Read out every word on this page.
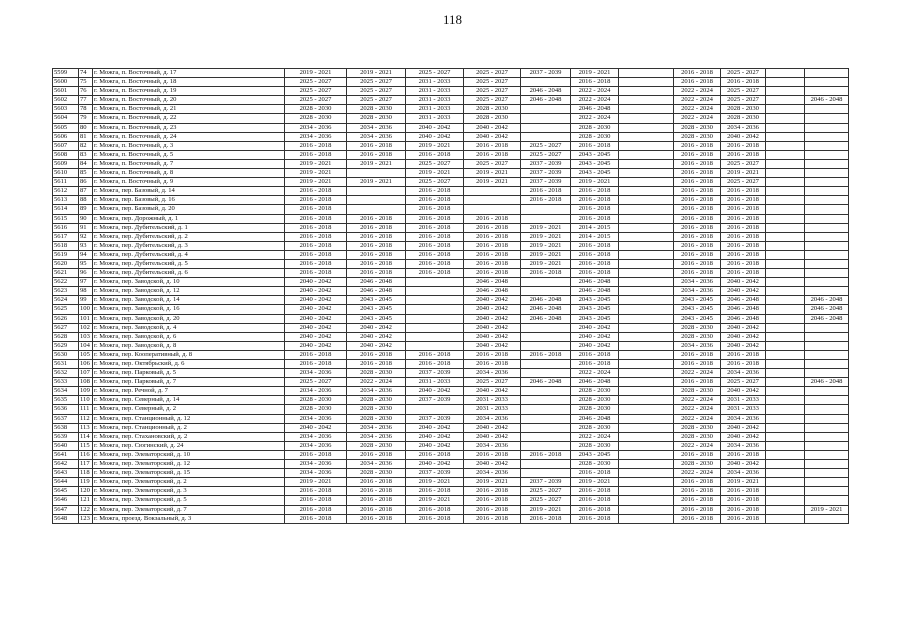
118
5599	74	г. Можга, п. Восточный, д. 17	2019 - 2021	2019 - 2021	2025 - 2027	2025 - 2027	2037 - 2039	2019 - 2021		2016 - 2018	2025 - 2027		
5600	75	г. Можга, п. Восточный, д. 18	2025 - 2027	2025 - 2027	2031 - 2033	2025 - 2027		2016 - 2018		2016 - 2018	2016 - 2018		
5601	76	г. Можга, п. Восточный, д. 19	2025 - 2027	2025 - 2027	2031 - 2033	2025 - 2027	2046 - 2048	2022 - 2024		2022 - 2024	2025 - 2027		
5602	77	г. Можга, п. Восточный, д. 20	2025 - 2027	2025 - 2027	2031 - 2033	2025 - 2027	2046 - 2048	2022 - 2024		2022 - 2024	2025 - 2027		2046 - 2048
5603	78	г. Можга, п. Восточный, д. 21	2028 - 2030	2028 - 2030	2031 - 2033	2028 - 2030		2046 - 2048		2022 - 2024	2028 - 2030		
5604	79	г. Можга, п. Восточный, д. 22	2028 - 2030	2028 - 2030	2031 - 2033	2028 - 2030		2022 - 2024		2022 - 2024	2028 - 2030		
5605	80	г. Можга, п. Восточный, д. 23	2034 - 2036	2034 - 2036	2040 - 2042	2040 - 2042		2028 - 2030		2028 - 2030	2034 - 2036		
5606	81	г. Можга, п. Восточный, д. 24	2034 - 2036	2034 - 2036	2040 - 2042	2040 - 2042		2028 - 2030		2028 - 2030	2040 - 2042		
5607	82	г. Можга, п. Восточный, д. 3	2016 - 2018	2016 - 2018	2019 - 2021	2016 - 2018	2025 - 2027	2016 - 2018		2016 - 2018	2016 - 2018		
5608	83	г. Можга, п. Восточный, д. 5	2016 - 2018	2016 - 2018	2016 - 2018	2016 - 2018	2025 - 2027	2043 - 2045		2016 - 2018	2016 - 2018		
5609	84	г. Можга, п. Восточный, д. 7	2019 - 2021	2019 - 2021	2025 - 2027	2025 - 2027	2037 - 2039	2043 - 2045		2016 - 2018	2025 - 2027		
5610	85	г. Можга, п. Восточный, д. 8	2019 - 2021		2019 - 2021	2019 - 2021	2037 - 2039	2043 - 2045		2016 - 2018	2019 - 2021		
5611	86	г. Можга, п. Восточный, д. 9	2019 - 2021	2019 - 2021	2025 - 2027	2019 - 2021	2037 - 2039	2019 - 2021		2016 - 2018	2025 - 2027		
5612	87	г. Можга, пер. Базовый, д. 14	2016 - 2018		2016 - 2018		2016 - 2018	2016 - 2018		2016 - 2018	2016 - 2018		
5613	88	г. Можга, пер. Базовый, д. 16	2016 - 2018		2016 - 2018		2016 - 2018	2016 - 2018		2016 - 2018	2016 - 2018		
5614	89	г. Можга, пер. Базовый, д. 20	2016 - 2018		2016 - 2018			2016 - 2018		2016 - 2018	2016 - 2018		
5615	90	г. Можга, пер. Дорожный, д. 1	2016 - 2018	2016 - 2018	2016 - 2018	2016 - 2018		2016 - 2018		2016 - 2018	2016 - 2018		
5616	91	г. Можга, пер. Дубительский, д. 1	2016 - 2018	2016 - 2018	2016 - 2018	2016 - 2018	2019 - 2021	2014 - 2015		2016 - 2018	2016 - 2018		
5617	92	г. Можга, пер. Дубительский, д. 2	2016 - 2018	2016 - 2018	2016 - 2018	2016 - 2018	2019 - 2021	2014 - 2015		2016 - 2018	2016 - 2018		
5618	93	г. Можга, пер. Дубительский, д. 3	2016 - 2018	2016 - 2018	2016 - 2018	2016 - 2018	2019 - 2021	2016 - 2018		2016 - 2018	2016 - 2018		
5619	94	г. Можга, пер. Дубительский, д. 4	2016 - 2018	2016 - 2018	2016 - 2018	2016 - 2018	2019 - 2021	2016 - 2018		2016 - 2018	2016 - 2018		
5620	95	г. Можга, пер. Дубительский, д. 5	2016 - 2018	2016 - 2018	2016 - 2018	2016 - 2018	2019 - 2021	2016 - 2018		2016 - 2018	2016 - 2018		
5621	96	г. Можга, пер. Дубительский, д. 6	2016 - 2018	2016 - 2018	2016 - 2018	2016 - 2018	2016 - 2018	2016 - 2018		2016 - 2018	2016 - 2018		
5622	97	г. Можга, пер. Заводской, д. 10	2040 - 2042	2046 - 2048		2046 - 2048		2046 - 2048		2034 - 2036	2040 - 2042		
5623	98	г. Можга, пер. Заводской, д. 12	2040 - 2042	2046 - 2048		2046 - 2048		2046 - 2048		2034 - 2036	2040 - 2042		
5624	99	г. Можга, пер. Заводской, д. 14	2040 - 2042	2043 - 2045		2040 - 2042	2046 - 2048	2043 - 2045		2043 - 2045	2046 - 2048		2046 - 2048
5625	100	г. Можга, пер. Заводской, д. 16	2040 - 2042	2043 - 2045		2040 - 2042	2046 - 2048	2043 - 2045		2043 - 2045	2046 - 2048		2046 - 2048
5626	101	г. Можга, пер. Заводской, д. 20	2040 - 2042	2043 - 2045		2040 - 2042	2046 - 2048	2043 - 2045		2043 - 2045	2046 - 2048		2046 - 2048
5627	102	г. Можга, пер. Заводской, д. 4	2040 - 2042	2040 - 2042		2040 - 2042		2040 - 2042		2028 - 2030	2040 - 2042		
5628	103	г. Можга, пер. Заводской, д. 6	2040 - 2042	2040 - 2042		2040 - 2042		2040 - 2042		2028 - 2030	2040 - 2042		
5629	104	г. Можга, пер. Заводской, д. 8	2040 - 2042	2040 - 2042		2040 - 2042		2040 - 2042		2034 - 2036	2040 - 2042		
5630	105	г. Можга, пер. Кооперативный, д. 8	2016 - 2018	2016 - 2018	2016 - 2018	2016 - 2018	2016 - 2018	2016 - 2018		2016 - 2018	2016 - 2018		
5631	106	г. Можга, пер. Октябрьский, д. 6	2016 - 2018	2016 - 2018	2016 - 2018	2016 - 2018		2016 - 2018		2016 - 2018	2016 - 2018		
5632	107	г. Можга, пер. Парковый, д. 5	2034 - 2036	2028 - 2030	2037 - 2039	2034 - 2036		2022 - 2024		2022 - 2024	2034 - 2036		
5633	108	г. Можга, пер. Парковый, д. 7	2025 - 2027	2022 - 2024	2031 - 2033	2025 - 2027	2046 - 2048	2046 - 2048		2016 - 2018	2025 - 2027		2046 - 2048
5634	109	г. Можга, пер. Речной, д. 7	2034 - 2036	2034 - 2036	2040 - 2042	2040 - 2042		2028 - 2030		2028 - 2030	2040 - 2042		
5635	110	г. Можга, пер. Северный, д. 14	2028 - 2030	2028 - 2030	2037 - 2039	2031 - 2033		2028 - 2030		2022 - 2024	2031 - 2033		
5636	111	г. Можга, пер. Северный, д. 2	2028 - 2030	2028 - 2030		2031 - 2033		2028 - 2030		2022 - 2024	2031 - 2033		
5637	112	г. Можга, пер. Станционный, д. 12	2034 - 2036	2028 - 2030	2037 - 2039	2034 - 2036		2046 - 2048		2022 - 2024	2034 - 2036		
5638	113	г. Можга, пер. Станционный, д. 2	2040 - 2042	2034 - 2036	2040 - 2042	2040 - 2042		2028 - 2030		2028 - 2030	2040 - 2042		
5639	114	г. Можга, пер. Стахановский, д. 2	2034 - 2036	2034 - 2036	2040 - 2042	2040 - 2042		2022 - 2024		2028 - 2030	2040 - 2042		
5640	115	г. Можга, пер. Сюгинский, д. 24	2034 - 2036	2028 - 2030	2040 - 2042	2034 - 2036		2028 - 2030		2022 - 2024	2034 - 2036		
5641	116	г. Можга, пер. Элеваторский, д. 10	2016 - 2018	2016 - 2018	2016 - 2018	2016 - 2018	2016 - 2018	2043 - 2045		2016 - 2018	2016 - 2018		
5642	117	г. Можга, пер. Элеваторский, д. 12	2034 - 2036	2034 - 2036	2040 - 2042	2040 - 2042		2028 - 2030		2028 - 2030	2040 - 2042		
5643	118	г. Можга, пер. Элеваторский, д. 15	2034 - 2036	2028 - 2030	2037 - 2039	2034 - 2036		2016 - 2018		2022 - 2024	2034 - 2036		
5644	119	г. Можга, пер. Элеваторский, д. 2	2019 - 2021	2016 - 2018	2019 - 2021	2019 - 2021	2037 - 2039	2019 - 2021		2016 - 2018	2019 - 2021		
5645	120	г. Можга, пер. Элеваторский, д. 3	2016 - 2018	2016 - 2018	2016 - 2018	2016 - 2018	2025 - 2027	2016 - 2018		2016 - 2018	2016 - 2018		
5646	121	г. Можга, пер. Элеваторский, д. 5	2016 - 2018	2016 - 2018	2019 - 2021	2016 - 2018	2025 - 2027	2016 - 2018		2016 - 2018	2016 - 2018		
5647	122	г. Можга, пер. Элеваторский, д. 7	2016 - 2018	2016 - 2018	2016 - 2018	2016 - 2018	2019 - 2021	2016 - 2018		2016 - 2018	2016 - 2018		2019 - 2021
5648	123	г. Можга, проезд. Вокзальный, д. 3	2016 - 2018	2016 - 2018	2016 - 2018	2016 - 2018	2016 - 2018	2016 - 2018		2016 - 2018	2016 - 2018		
